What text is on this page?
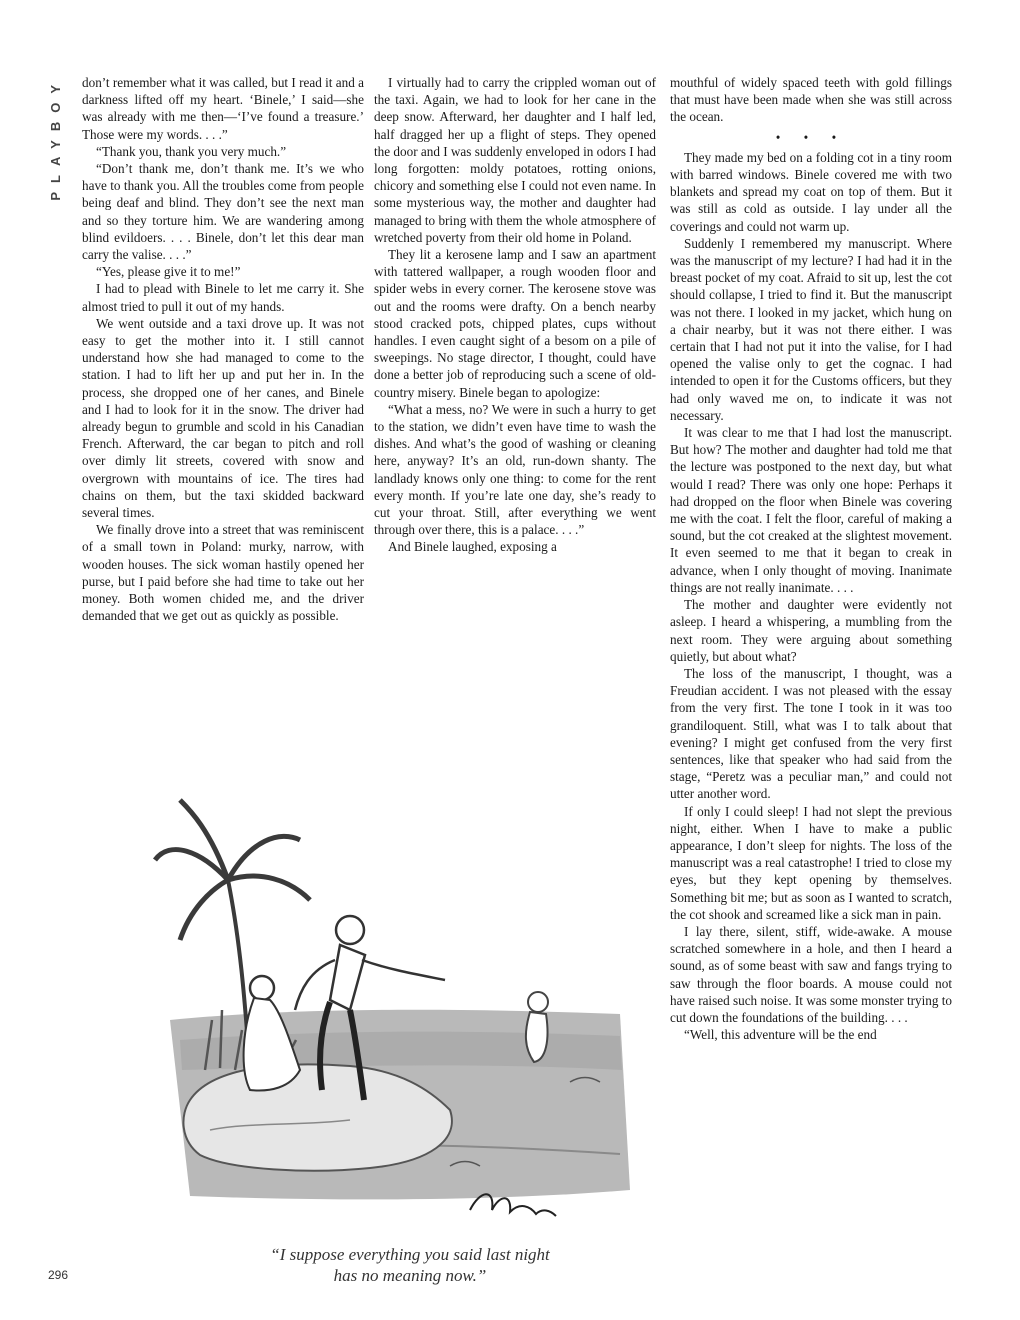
PLAYBOY	don’t remember what it was called, but I read it and a darkness lifted off my heart. ‘Binele,’ I said—she was already with me then—‘I’ve found a treasure.’ Those were my words. . . .”

“Thank you, thank you very much.”

“Don’t thank me, don’t thank me. It’s we who have to thank you. All the troubles come from people being deaf and blind. They don’t see the next man and so they torture him. We are wandering among blind evildoers. . . . Binele, don’t let this dear man carry the valise. . . .”

“Yes, please give it to me!”

I had to plead with Binele to let me carry it. She almost tried to pull it out of my hands.

We went outside and a taxi drove up. It was not easy to get the mother into it. I still cannot understand how she had managed to come to the station. I had to lift her up and put her in. In the process, she dropped one of her canes, and Binele and I had to look for it in the snow. The driver had already begun to grumble and scold in his Canadian French. Afterward, the car began to pitch and roll over dimly lit streets, covered with snow and overgrown with mountains of ice. The tires had chains on them, but the taxi skidded backward several times.

We finally drove into a street that was reminiscent of a small town in Poland: murky, narrow, with wooden houses. The sick woman hastily opened her purse, but I paid before she had time to take out her money. Both women chided me, and the driver demanded that we get out as quickly as possible.

I virtually had to carry the crippled woman out of the taxi. Again, we had to look for her cane in the deep snow. Afterward, her daughter and I half led, half dragged her up a flight of steps. They opened the door and I was suddenly enveloped in odors I had long forgotten: moldy potatoes, rotting onions, chicory and something else I could not even name. In some mysterious way, the mother and daughter had managed to bring with them the whole atmosphere of wretched poverty from their old home in Poland.

They lit a kerosene lamp and I saw an apartment with tattered wallpaper, a rough wooden floor and spider webs in every corner. The kerosene stove was out and the rooms were drafty. On a bench nearby stood cracked pots, chipped plates, cups without handles. I even caught sight of a besom on a pile of sweepings. No stage director, I thought, could have done a better job of reproducing such a scene of old-country misery. Binele began to apologize:

“What a mess, no? We were in such a hurry to get to the station, we didn’t even have time to wash the dishes. And what’s the good of washing or cleaning here, anyway? It’s an old, run-down shanty. The landlady knows only one thing: to come for the rent every month. If you’re late one day, she’s ready to cut your throat. Still, after everything we went through over there, this is a palace. . . .”

And Binele laughed, exposing a

mouthful of widely spaced teeth with gold fillings that must have been made when she was still across the ocean.

• • •

They made my bed on a folding cot in a tiny room with barred windows. Binele covered me with two blankets and spread my coat on top of them. But it was still as cold as outside. I lay under all the coverings and could not warm up.

Suddenly I remembered my manuscript. Where was the manuscript of my lecture? I had had it in the breast pocket of my coat. Afraid to sit up, lest the cot should collapse, I tried to find it. But the manuscript was not there. I looked in my jacket, which hung on a chair nearby, but it was not there either. I was certain that I had not put it into the valise, for I had opened the valise only to get the cognac. I had intended to open it for the Customs officers, but they had only waved me on, to indicate it was not necessary.

It was clear to me that I had lost the manuscript. But how? The mother and daughter had told me that the lecture was postponed to the next day, but what would I read? There was only one hope: Perhaps it had dropped on the floor when Binele was covering me with the coat. I felt the floor, careful of making a sound, but the cot creaked at the slightest movement. It even seemed to me that it began to creak in advance, when I only thought of moving. Inanimate things are not really inanimate. . . .

The mother and daughter were evidently not asleep. I heard a whispering, a mumbling from the next room. They were arguing about something quietly, but about what?

The loss of the manuscript, I thought, was a Freudian accident. I was not pleased with the essay from the very first. The tone I took in it was too grandiloquent. Still, what was I to talk about that evening? I might get confused from the very first sentences, like that speaker who had said from the stage, “Peretz was a peculiar man,” and could not utter another word.

If only I could sleep! I had not slept the previous night, either. When I have to make a public appearance, I don’t sleep for nights. The loss of the manuscript was a real catastrophe! I tried to close my eyes, but they kept opening by themselves. Something bit me; but as soon as I wanted to scratch, the cot shook and screamed like a sick man in pain.

I lay there, silent, stiff, wide-awake. A mouse scratched somewhere in a hole, and then I heard a sound, as of some beast with saw and fangs trying to saw through the floor boards. A mouse could not have raised such noise. It was some monster trying to cut down the foundations of the building. . . .

“Well, this adventure will be the end

“I suppose everything you said last night
has no meaning now.”
296
